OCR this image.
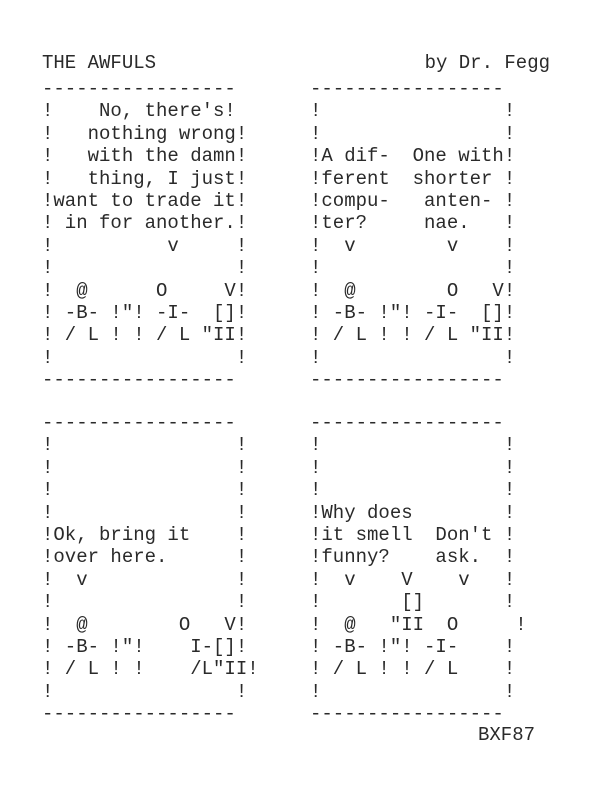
THE AWFULS	by Dr. Fegg
-----------------
!    No, there's!
!   nothing wrong!
!   with the damn!
!   thing, I just!
!want to trade it!
! in for another.!
!          v     !
!                !
!  @      O     V!
! -B- !"! -I-  []!
! / L ! ! / L "II!
!                !
-----------------
-----------------
!                !
!                !
!A dif-  One with!
!ferent  shorter !
!compu-   anten- !
!ter?     nae.   !
!  v        v    !
!                !
!  @        O   V!
! -B- !"! -I-  []!
! / L ! ! / L "II!
!                !
-----------------
-----------------
!                !
!                !
!                !
!                !
!Ok, bring it    !
!over here.      !
!  v             !
!                !
!  @        O   V!
! -B- !"!    I-[]!
! / L ! !    /L"II!
!                !
-----------------
-----------------
!                !
!                !
!                !
!Why does        !
!it smell  Don't !
!funny?    ask.  !
!  v    V    v   !
!       []       !
!  @   "II  O     !
! -B- !"! -I-    !
! / L ! ! / L    !
!                !
-----------------
BXF87
